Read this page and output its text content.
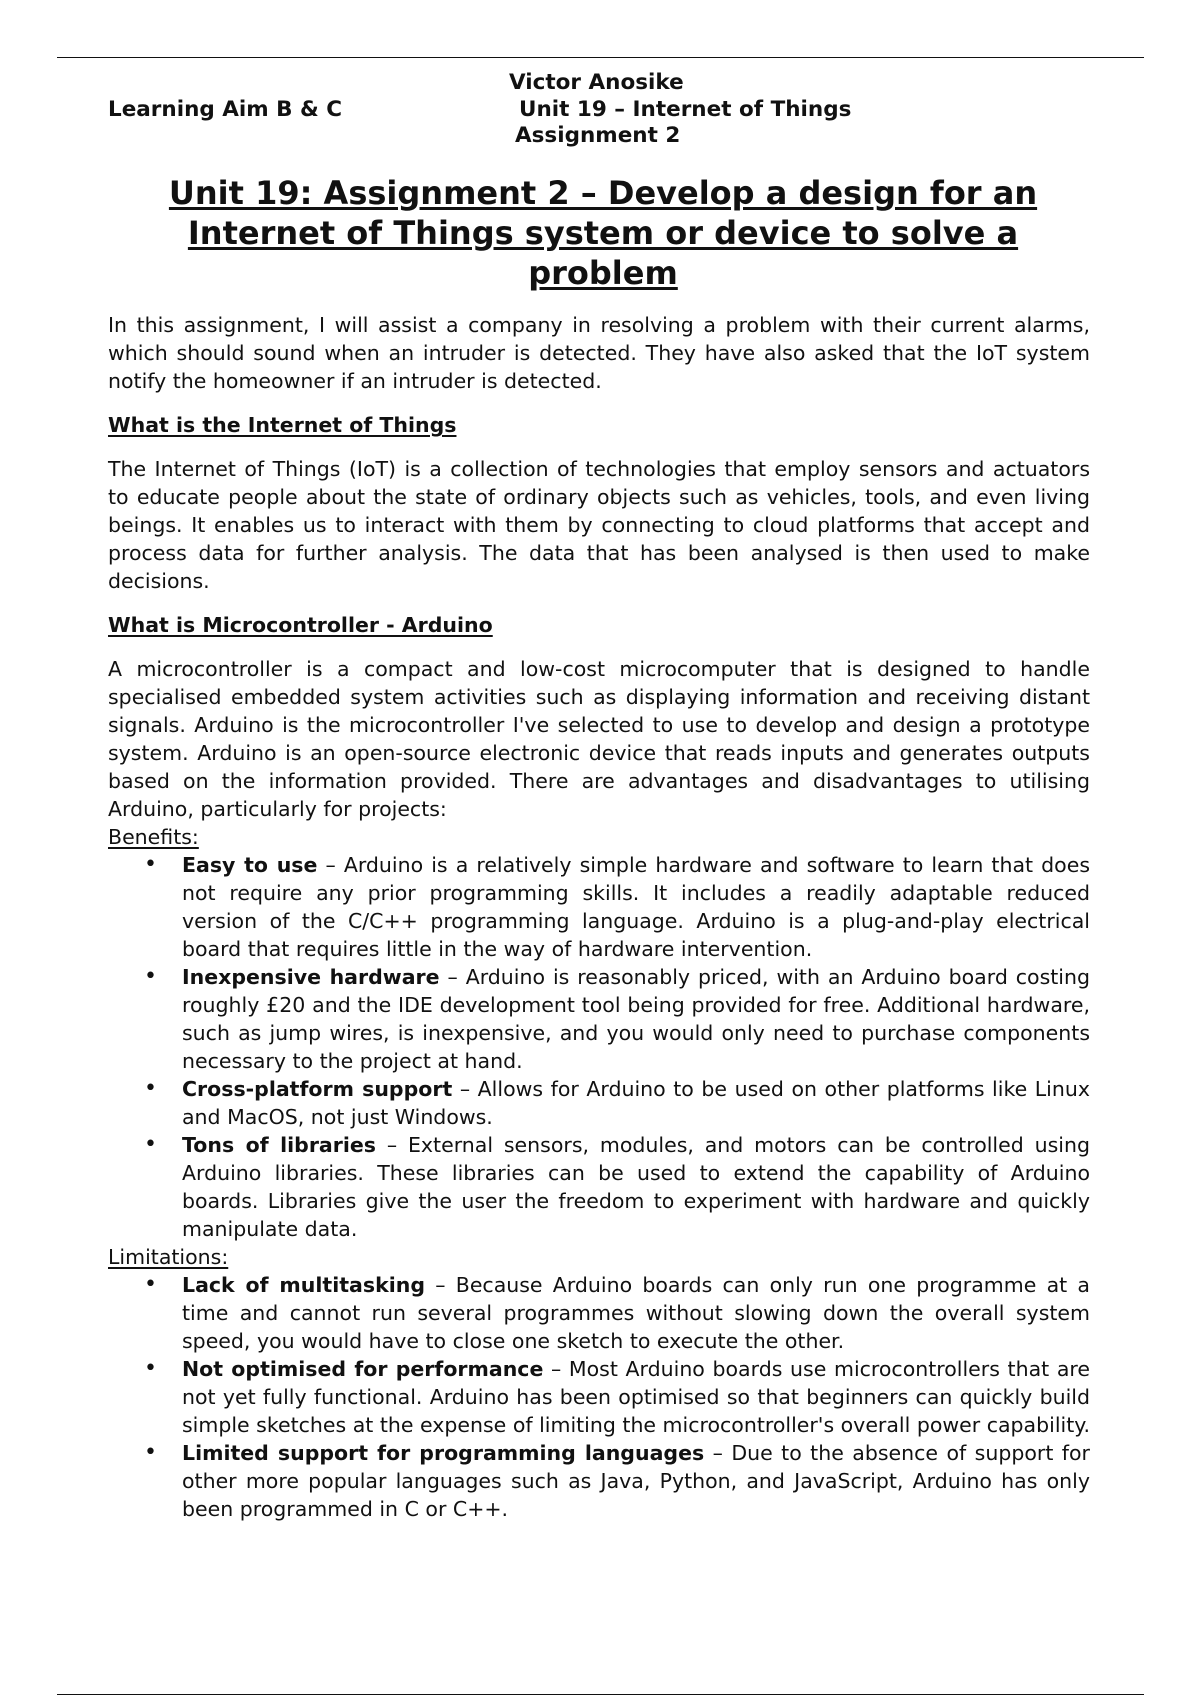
Victor Anosike
Learning Aim B & C	Unit 19 – Internet of Things
Assignment 2
Unit 19: Assignment 2 – Develop a design for an Internet of Things system or device to solve a problem

In this assignment, I will assist a company in resolving a problem with their current alarms, which should sound when an intruder is detected. They have also asked that the IoT system notify the homeowner if an intruder is detected.

What is the Internet of Things

The Internet of Things (IoT) is a collection of technologies that employ sensors and actuators to educate people about the state of ordinary objects such as vehicles, tools, and even living beings. It enables us to interact with them by connecting to cloud platforms that accept and process data for further analysis. The data that has been analysed is then used to make decisions.

What is Microcontroller - Arduino

A microcontroller is a compact and low-cost microcomputer that is designed to handle specialised embedded system activities such as displaying information and receiving distant signals. Arduino is the microcontroller I've selected to use to develop and design a prototype system. Arduino is an open-source electronic device that reads inputs and generates outputs based on the information provided. There are advantages and disadvantages to utilising Arduino, particularly for projects:

Benefits:

• Easy to use – Arduino is a relatively simple hardware and software to learn that does not require any prior programming skills. It includes a readily adaptable reduced version of the C/C++ programming language. Arduino is a plug-and-play electrical board that requires little in the way of hardware intervention.
• Inexpensive hardware – Arduino is reasonably priced, with an Arduino board costing roughly £20 and the IDE development tool being provided for free. Additional hardware, such as jump wires, is inexpensive, and you would only need to purchase components necessary to the project at hand.
• Cross-platform support – Allows for Arduino to be used on other platforms like Linux and MacOS, not just Windows.
• Tons of libraries – External sensors, modules, and motors can be controlled using Arduino libraries. These libraries can be used to extend the capability of Arduino boards. Libraries give the user the freedom to experiment with hardware and quickly manipulate data.

Limitations:

• Lack of multitasking – Because Arduino boards can only run one programme at a time and cannot run several programmes without slowing down the overall system speed, you would have to close one sketch to execute the other.
• Not optimised for performance – Most Arduino boards use microcontrollers that are not yet fully functional. Arduino has been optimised so that beginners can quickly build simple sketches at the expense of limiting the microcontroller's overall power capability.
• Limited support for programming languages – Due to the absence of support for other more popular languages such as Java, Python, and JavaScript, Arduino has only been programmed in C or C++.
